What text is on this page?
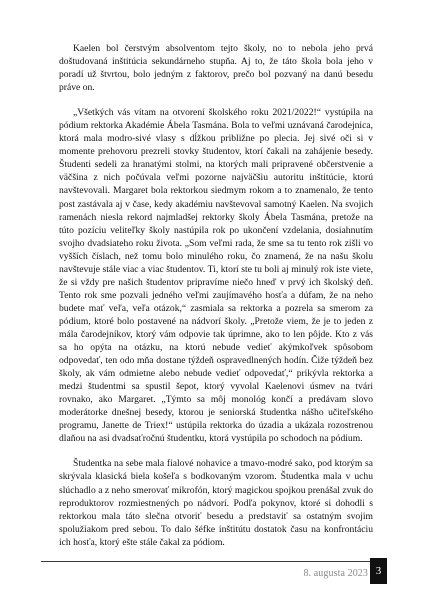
Kaelen bol čerstvým absolventom tejto školy, no to nebola jeho prvá doštudovaná inštitúcia sekundárneho stupňa. Aj to, že táto škola bola jeho v poradí už štvrtou, bolo jedným z faktorov, prečo bol pozvaný na danú besedu práve on.

„Všetkých vás vítam na otvorení školského roku 2021/2022!“ vystúpila na pódium rektorka Akadémie Ábela Tasmána. Bola to veľmi uznávaná čarodejnica, ktorá mala modro-sivé vlasy s dĺžkou približne po plecia. Jej sivé oči si v momente prehovoru prezreli stovky študentov, ktorí čakali na zahájenie besedy. Študenti sedeli za hranatými stolmi, na ktorých mali pripravené občerstvenie a väčšina z nich počúvala veľmi pozorne najväčšiu autoritu inštitúcie, ktorú navštevovali. Margaret bola rektorkou siedmym rokom a to znamenalo, že tento post zastávala aj v čase, kedy akadémiu navštevoval samotný Kaelen. Na svojich ramenách niesla rekord najmladšej rektorky školy Ábela Tasmána, pretože na túto pozíciu veliteľky školy nastúpila rok po ukončení vzdelania, dosiahnutím svojho dvadsiateho roku života. „Som veľmi rada, že sme sa tu tento rok zišli vo vyšších číslach, než tomu bolo minulého roku, čo znamená, že na našu školu navštevuje stále viac a viac študentov. Ti, ktorí ste tu boli aj minulý rok iste viete, že si vždy pre našich študentov pripravíme niečo hneď v prvý ich školský deň. Tento rok sme pozvali jedného veľmi zaujímavého hosťa a dúfam, že na neho budete mať veľa, veľa otázok,“ zasmiala sa rektorka a pozrela sa smerom za pódium, ktoré bolo postavené na nádvorí školy. „Pretože viem, že je to jeden z mála čarodejníkov, ktorý vám odpovie tak úprimne, ako to len pôjde. Kto z vás sa ho opýta na otázku, na ktorú nebude vedieť akýmkoľvek spôsobom odpovedať, ten odo mňa dostane týždeň ospravedlnených hodín. Čiže týždeň bez školy, ak vám odmietne alebo nebude vedieť odpovedať,“ prikývla rektorka a medzi študentmi sa spustil šepot, ktorý vyvolal Kaelenovi úsmev na tvári rovnako, ako Margaret. „Týmto sa môj monológ končí a predávam slovo moderátorke dnešnej besedy, ktorou je seniorská študentka nášho učiteľského programu, Janette de Triex!“ ustúpila rektorka do úzadia a ukázala rozostrenou dlaňou na asi dvadsaťročnú študentku, ktorá vystúpila po schodoch na pódium.

Študentka na sebe mala fialové nohavice a tmavo-modré sako, pod ktorým sa skrývala klasická biela košeľa s bodkovaným vzorom. Študentka mala v uchu slúchadlo a z neho smerovať mikrofón, ktorý magickou spojkou prenášal zvuk do reproduktorov rozmiestnených po nádvorí. Podľa pokynov, ktoré si dohodli s rektorkou mala táto slečna otvoriť besedu a predstaviť sa ostatným svojim spolužiakom pred sebou. To dalo šéfke inštitútu dostatok času na konfrontáciu ich hosťa, ktorý ešte stále čakal za pódiom.

8. augusta 2023 3
